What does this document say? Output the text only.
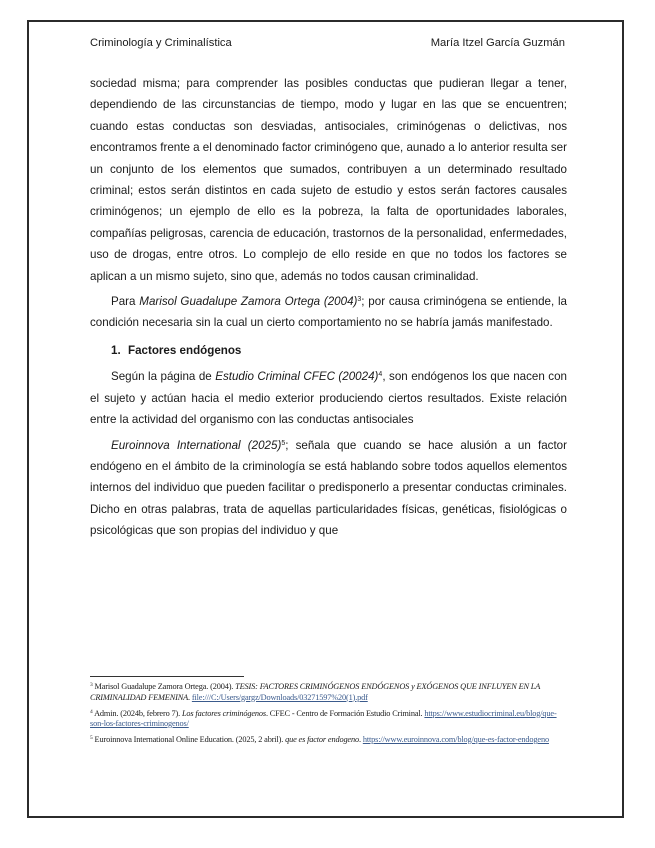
Criminología y Criminalística	María Itzel García Guzmán

sociedad misma; para comprender las posibles conductas que pudieran llegar a tener, dependiendo de las circunstancias de tiempo, modo y lugar en las que se encuentren; cuando estas conductas son desviadas, antisociales, criminógenas o delictivas, nos encontramos frente a el denominado factor criminógeno que, aunado a lo anterior resulta ser un conjunto de los elementos que sumados, contribuyen a un determinado resultado criminal; estos serán distintos en cada sujeto de estudio y estos serán factores causales criminógenos; un ejemplo de ello es la pobreza, la falta de oportunidades laborales, compañías peligrosas, carencia de educación, trastornos de la personalidad, enfermedades, uso de drogas, entre otros. Lo complejo de ello reside en que no todos los factores se aplican a un mismo sujeto, sino que, además no todos causan criminalidad.

Para Marisol Guadalupe Zamora Ortega $(2004)^3$; por causa criminógena se entiende, la condición necesaria sin la cual un cierto comportamiento no se habría jamás manifestado.

1. Factores endógenos

Según la página de Estudio Criminal CFEC $(20024)^4$, son endógenos los que nacen con el sujeto y actúan hacia el medio exterior produciendo ciertos resultados. Existe relación entre la actividad del organismo con las conductas antisociales

Euroinnova International $(2025)^5$; señala que cuando se hace alusión a un factor endógeno en el ámbito de la criminología se está hablando sobre todos aquellos elementos internos del individuo que pueden facilitar o predisponerlo a presentar conductas criminales. Dicho en otras palabras, trata de aquellas particularidades físicas, genéticas, fisiológicas o psicológicas que son propias del individuo y que

$^3$ Marisol Guadalupe Zamora Ortega. (2004). TESIS: FACTORES CRIMINÓGENOS ENDÓGENOS y EXÓGENOS QUE INFLUYEN EN LA CRIMINALIDAD FEMENINA. file:///C:/Users/gargz/Downloads/03271597%20(1).pdf

$^4$ Admin. (2024b, febrero 7). Los factores criminógenos. CFEC - Centro de Formación Estudio Criminal. https://www.estudiocriminal.eu/blog/que-son-los-factores-criminogenos/

$^5$ Euroinnova International Online Education. (2025, 2 abril). que es factor endogeno. https://www.euroinnova.com/blog/que-es-factor-endogeno
